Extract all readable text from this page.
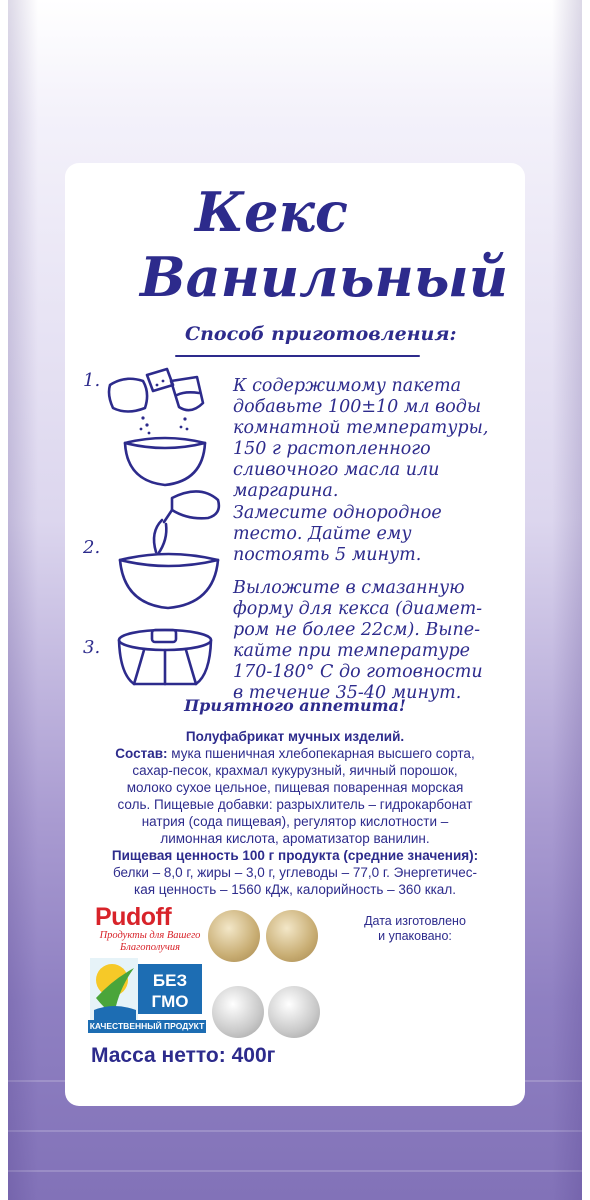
Кекс
Ванильный
Способ приготовления:
1.	К содержимому пакета
добавьте 100±10 мл воды
комнатной температуры,
150 г растопленного
сливочного масла или
маргарина.
2.
Замесите однородное
тесто. Дайте ему
постоять 5 минут.
3.
Выложите в смазанную
форму для кекса (диамет-
ром не более 22см). Выпе-
кайте при температуре
170-180° С до готовности
в течение 35-40 минут.
Приятного аппетита!
Полуфабрикат мучных изделий.
Состав: мука пшеничная хлебопекарная высшего сорта,
сахар-песок, крахмал кукурузный, яичный порошок,
молоко сухое цельное, пищевая поваренная морская
соль. Пищевые добавки: разрыхлитель – гидрокарбонат
натрия (сода пищевая), регулятор кислотности –
лимонная кислота, ароматизатор ванилин.
Пищевая ценность 100 г продукта (средние значения):
белки – 8,0 г, жиры – 3,0 г, углеводы – 77,0 г. Энергетичес-
кая ценность – 1560 кДж, калорийность – 360 ккал.
Pudoff
Продукты для Вашего Благополучия
Дата изготовлено
и упаковано:
БЕЗ
ГМО
КАЧЕСТВЕННЫЙ ПРОДУКТ
Масса нетто: 400г
